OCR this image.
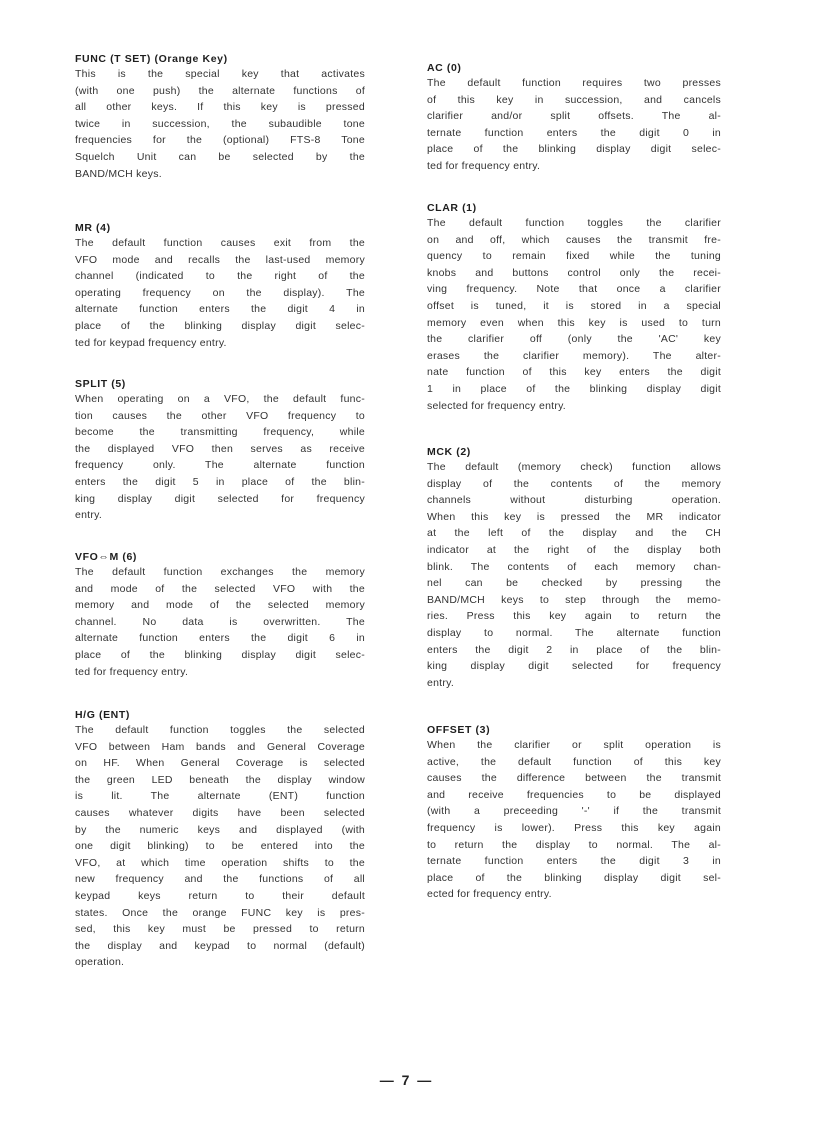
FUNC (T SET) (Orange Key)
This is the special key that activates
(with one push) the alternate functions of
all other keys. If this key is pressed
twice in succession, the subaudible tone
frequencies for the (optional) FTS-8 Tone
Squelch Unit can be selected by the
BAND/MCH keys.
MR (4)
The default function causes exit from the
VFO mode and recalls the last-used memory
channel (indicated to the right of the
operating frequency on the display). The
alternate function enters the digit 4 in
place of the blinking display digit selec-
ted for keypad frequency entry.
SPLIT (5)
When operating on a VFO, the default func-
tion causes the other VFO frequency to
become the transmitting frequency, while
the displayed VFO then serves as receive
frequency only. The alternate function
enters the digit 5 in place of the blin-
king display digit selected for frequency
entry.
VFO⇔M (6)
The default function exchanges the memory
and mode of the selected VFO with the
memory and mode of the selected memory
channel. No data is overwritten. The
alternate function enters the digit 6 in
place of the blinking display digit selec-
ted for frequency entry.
H/G (ENT)
The default function toggles the selected
VFO between Ham bands and General Coverage
on HF. When General Coverage is selected
the green LED beneath the display window
is lit. The alternate (ENT) function
causes whatever digits have been selected
by the numeric keys and displayed (with
one digit blinking) to be entered into the
VFO, at which time operation shifts to the
new frequency and the functions of all
keypad keys return to their default
states. Once the orange FUNC key is pres-
sed, this key must be pressed to return
the display and keypad to normal (default)
operation.
AC (0)
The default function requires two presses
of this key in succession, and cancels
clarifier and/or split offsets. The al-
ternate function enters the digit 0 in
place of the blinking display digit selec-
ted for frequency entry.
CLAR (1)
The default function toggles the clarifier
on and off, which causes the transmit fre-
quency to remain fixed while the tuning
knobs and buttons control only the recei-
ving frequency. Note that once a clarifier
offset is tuned, it is stored in a special
memory even when this key is used to turn
the clarifier off (only the 'AC' key
erases the clarifier memory). The alter-
nate function of this key enters the digit
1 in place of the blinking display digit
selected for frequency entry.
MCK (2)
The default (memory check) function allows
display of the contents of the memory
channels without disturbing operation.
When this key is pressed the MR indicator
at the left of the display and the CH
indicator at the right of the display both
blink. The contents of each memory chan-
nel can be checked by pressing the
BAND/MCH keys to step through the memo-
ries. Press this key again to return the
display to normal. The alternate function
enters the digit 2 in place of the blin-
king display digit selected for frequency
entry.
OFFSET (3)
When the clarifier or split operation is
active, the default function of this key
causes the difference between the transmit
and receive frequencies to be displayed
(with a preceeding '-' if the transmit
frequency is lower). Press this key again
to return the display to normal. The al-
ternate function enters the digit 3 in
place of the blinking display digit sel-
ected for frequency entry.
— 7 —
